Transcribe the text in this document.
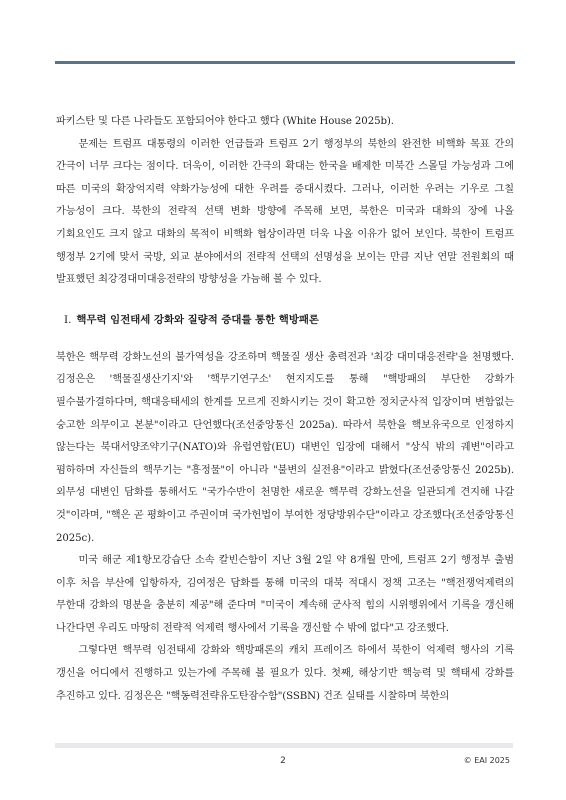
파키스탄 및 다른 나라들도 포함되어야 한다고 했다 (White House 2025b).

문제는 트럼프 대통령의 이러한 언급들과 트럼프 2기 행정부의 북한의 완전한 비핵화 목표 간의 간극이 너무 크다는 점이다. 더욱이, 이러한 간극의 확대는 한국을 배제한 미북간 스몰딜 가능성과 그에 따른 미국의 확장억지력 약화가능성에 대한 우려를 증대시켰다. 그러나, 이러한 우려는 기우로 그칠 가능성이 크다. 북한의 전략적 선택 변화 방향에 주목해 보면, 북한은 미국과 대화의 장에 나올 기회요인도 크지 않고 대화의 목적이 비핵화 협상이라면 더욱 나올 이유가 없어 보인다. 북한이 트럼프 행정부 2기에 맞서 국방, 외교 분야에서의 전략적 선택의 선명성을 보이는 만큼 지난 연말 전원회의 때 발표했던 최강경대미대응전략의 방향성을 가늠해 볼 수 있다.

I. 핵무력 임전태세 강화와 질량적 증대를 통한 핵방패론

북한은 핵무력 강화노선의 불가역성을 강조하며 핵물질 생산 총력전과 '최강 대미대응전략'을 천명했다. 김정은은 '핵물질생산기지'와 '핵무기연구소' 현지지도를 통해 "핵방패의 부단한 강화가 필수불가결하다며, 핵대응태세의 한계를 모르게 진화시키는 것이 확고한 정치군사적 입장이며 변함없는 숭고한 의무이고 본분"이라고 단언했다(조선중앙통신 2025a). 따라서 북한을 핵보유국으로 인정하지 않는다는 북대서양조약기구(NATO)와 유럽연합(EU) 대변인 입장에 대해서 "상식 밖의 궤변"이라고 폄하하며 자신들의 핵무기는 "흥정물"이 아니라 "불변의 실전용"이라고 밝혔다(조선중앙통신 2025b). 외무성 대변인 담화를 통해서도 "국가수반이 천명한 새로운 핵무력 강화노선을 일관되게 견지해 나갈 것"이라며, "핵은 곧 평화이고 주권이며 국가헌법이 부여한 정당방위수단"이라고 강조했다(조선중앙통신 2025c).

미국 해군 제1항모강습단 소속 칼빈슨함이 지난 3월 2일 약 8개월 만에, 트럼프 2기 행정부 출범 이후 처음 부산에 입항하자, 김여정은 담화를 통해 미국의 대북 적대시 정책 고조는 "핵전쟁억제력의 무한대 강화의 명분을 충분히 제공"해 준다며 "미국이 계속해 군사적 힘의 시위행위에서 기록을 갱신해 나간다면 우리도 마땅히 전략적 억제력 행사에서 기록을 갱신할 수 밖에 없다"고 강조했다.

그렇다면 핵무력 임전태세 강화와 핵방패론의 캐치 프레이즈 하에서 북한이 억제력 행사의 기록 갱신을 어디에서 진행하고 있는가에 주목해 볼 필요가 있다. 첫째, 해상기반 핵능력 및 핵태세 강화를 추진하고 있다. 김정은은 "핵동력전략유도탄잠수함"(SSBN) 건조 실태를 시찰하며 북한의

2	© EAI 2025
